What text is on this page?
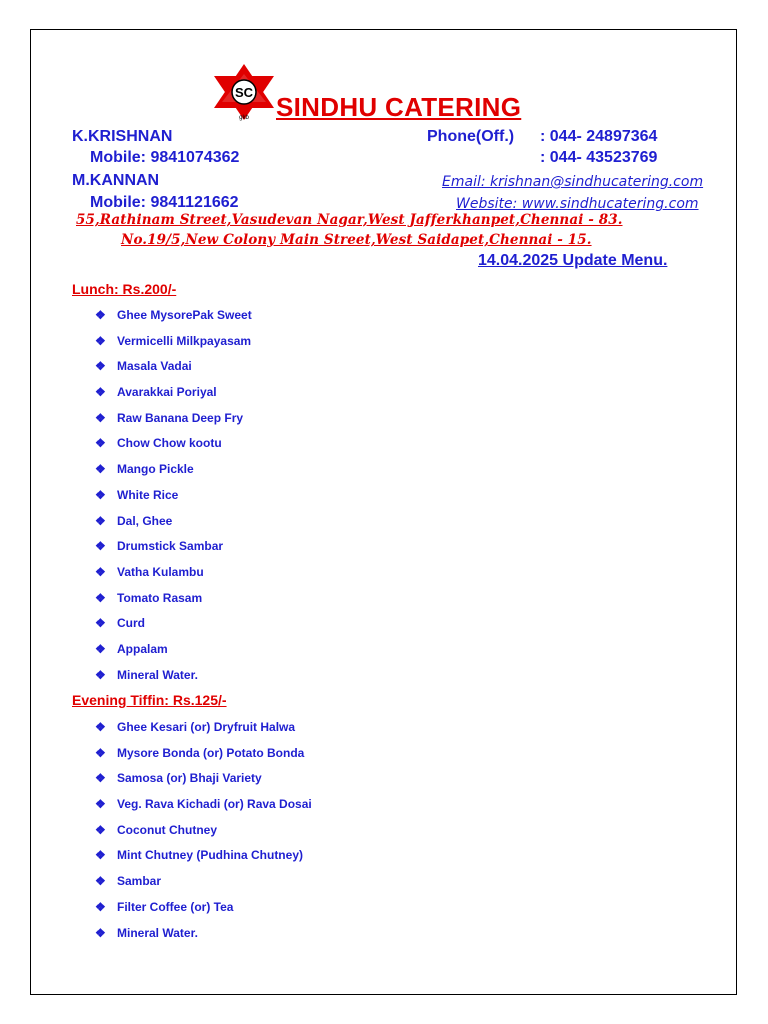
SC
gkb SINDHU CATERING
K.KRISHNAN
Mobile: 9841074362
M.KANNAN
Mobile: 9841121662
Phone(Off.) : 044- 24897364
: 044- 43523769
Email: krishnan@sindhucatering.com
Website: www.sindhucatering.com
55,Rathinam Street,Vasudevan Nagar,West Jafferkhanpet,Chennai - 83.
No.19/5,New Colony Main Street,West Saidapet,Chennai - 15.
14.04.2025 Update Menu.
Lunch: Rs.200/-
❖ Ghee MysorePak Sweet
❖ Vermicelli Milkpayasam
❖ Masala Vadai
❖ Avarakkai Poriyal
❖ Raw Banana Deep Fry
❖ Chow Chow kootu
❖ Mango Pickle
❖ White Rice
❖ Dal, Ghee
❖ Drumstick Sambar
❖ Vatha Kulambu
❖ Tomato Rasam
❖ Curd
❖ Appalam
❖ Mineral Water.
Evening Tiffin: Rs.125/-
❖ Ghee Kesari (or) Dryfruit Halwa
❖ Mysore Bonda (or) Potato Bonda
❖ Samosa (or) Bhaji Variety
❖ Veg. Rava Kichadi (or) Rava Dosai
❖ Coconut Chutney
❖ Mint Chutney (Pudhina Chutney)
❖ Sambar
❖ Filter Coffee (or) Tea
❖ Mineral Water.
